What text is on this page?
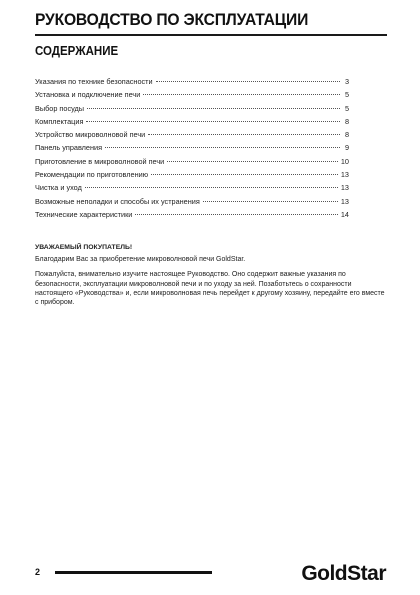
РУКОВОДСТВО ПО ЭКСПЛУАТАЦИИ
СОДЕРЖАНИЕ
Указания по технике безопасности	3
Установка и подключение печи	5
Выбор посуды	5
Комплектация	8
Устройство микроволновой печи	8
Панель управления	9
Приготовление в микроволновой печи	10
Рекомендации по приготовлению	13
Чистка и уход	13
Возможные неполадки и способы их устранения	13
Технические характеристики	14

УВАЖАЕМЫЙ ПОКУПАТЕЛЬ!

Благодарим Вас за приобретение микроволновой печи GoldStar.

Пожалуйста, внимательно изучите настоящее Руководство. Оно содержит важные указания по безопасности, эксплуатации микроволновой печи и по уходу за ней. Позаботьтесь о сохранности настоящего «Руководства» и, если микроволновая печь перейдет к другому хозяину, передайте его вместе с прибором.

2	GoldStar
